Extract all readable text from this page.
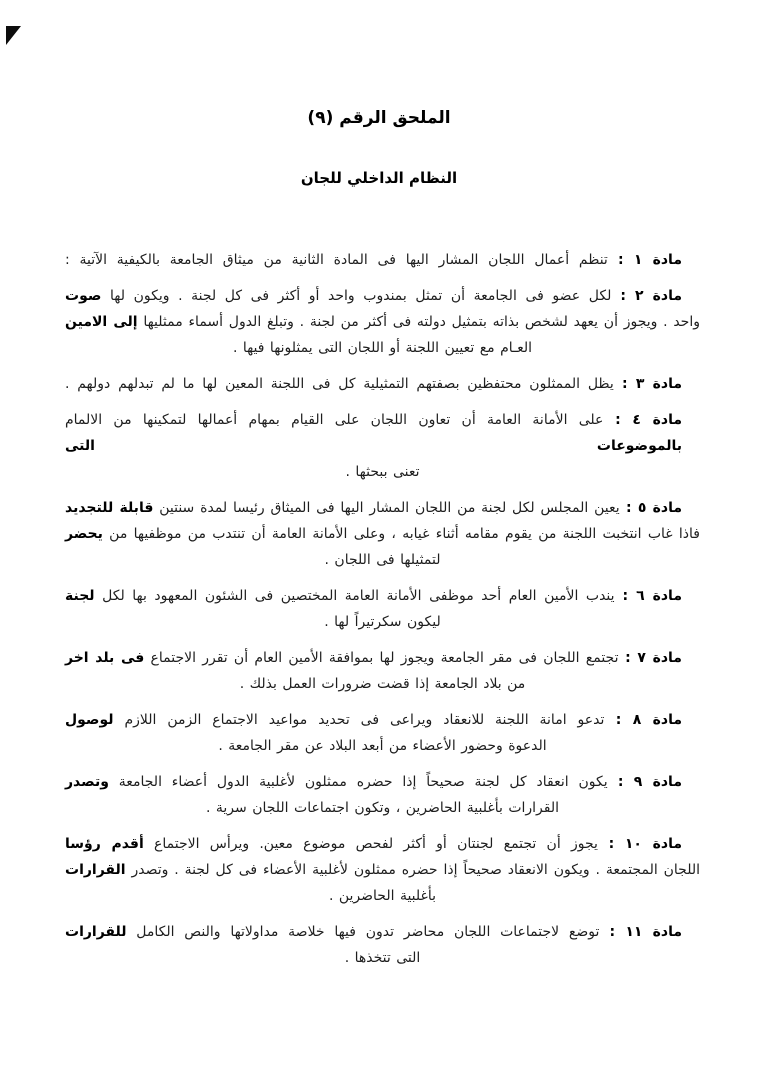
الملحق الرقم (٩)
النظام الداخلي للجان
مادة ١ : تنظم أعمال اللجان المشار اليها فى المادة الثانية من ميثاق الجامعة بالكيفية الآتية :
مادة ٢ : لكل عضو فى الجامعة أن تمثل بمندوب واحد أو أكثر فى كل لجنة . ويكون لها صوت
واحد . ويجوز أن يعهد لشخص بذاته بتمثيل دولته فى أكثر من لجنة . وتبلغ الدول أسماء ممثليها إلى الامين
العـام مع تعيين اللجنة أو اللجان التى يمثلونها فيها .
مادة ٣ : يظل الممثلون محتفظين بصفتهم التمثيلية كل فى اللجنة المعين لها ما لم تبدلهم دولهم .
مادة ٤ : على الأمانة العامة أن تعاون اللجان على القيام بمهام أعمالها لتمكينها من الالمام بالموضوعات التى
تعنى ببحثها .
مادة ٥ : يعين المجلس لكل لجنة من اللجان المشار اليها فى الميثاق رئيسا لمدة سنتين قابلة للتجديد
فاذا غاب انتخبت اللجنة من يقوم مقامه أثناء غيابه ، وعلى الأمانة العامة أن تنتدب من موظفيها من يحضر
لتمثيلها فى اللجان .
مادة ٦ : يندب الأمين العام أحد موظفى الأمانة العامة المختصين فى الشئون المعهود بها لكل لجنة
ليكون سكرتيراً لها .
مادة ٧ : تجتمع اللجان فى مقر الجامعة ويجوز لها بموافقة الأمين العام أن تقرر الاجتماع فى بلد اخر
من بلاد الجامعة إذا قضت ضرورات العمل بذلك .
مادة ٨ : تدعو امانة اللجنة للانعقاد ويراعى فى تحديد مواعيد الاجتماع الزمن اللازم لوصول
الدعوة وحضور الأعضاء من أبعد البلاد عن مقر الجامعة .
مادة ٩ : يكون انعقاد كل لجنة صحيحاً إذا حضره ممثلون لأغلبية الدول أعضاء الجامعة وتصدر
القرارات بأغلبية الحاضرين ، وتكون اجتماعات اللجان سرية .
مادة ١٠ : يجوز أن تجتمع لجنتان أو أكثر لفحص موضوع معين. ويرأس الاجتماع أقدم رؤسا
اللجان المجتمعة . ويكون الانعقاد صحيحاً إذا حضره ممثلون لأغلبية الأعضاء فى كل لجنة . وتصدر القرارات
بأغلبية الحاضرين .
مادة ١١ : توضع لاجتماعات اللجان محاضر تدون فيها خلاصة مداولاتها والنص الكامل للقرارات
التى تتخذها .
